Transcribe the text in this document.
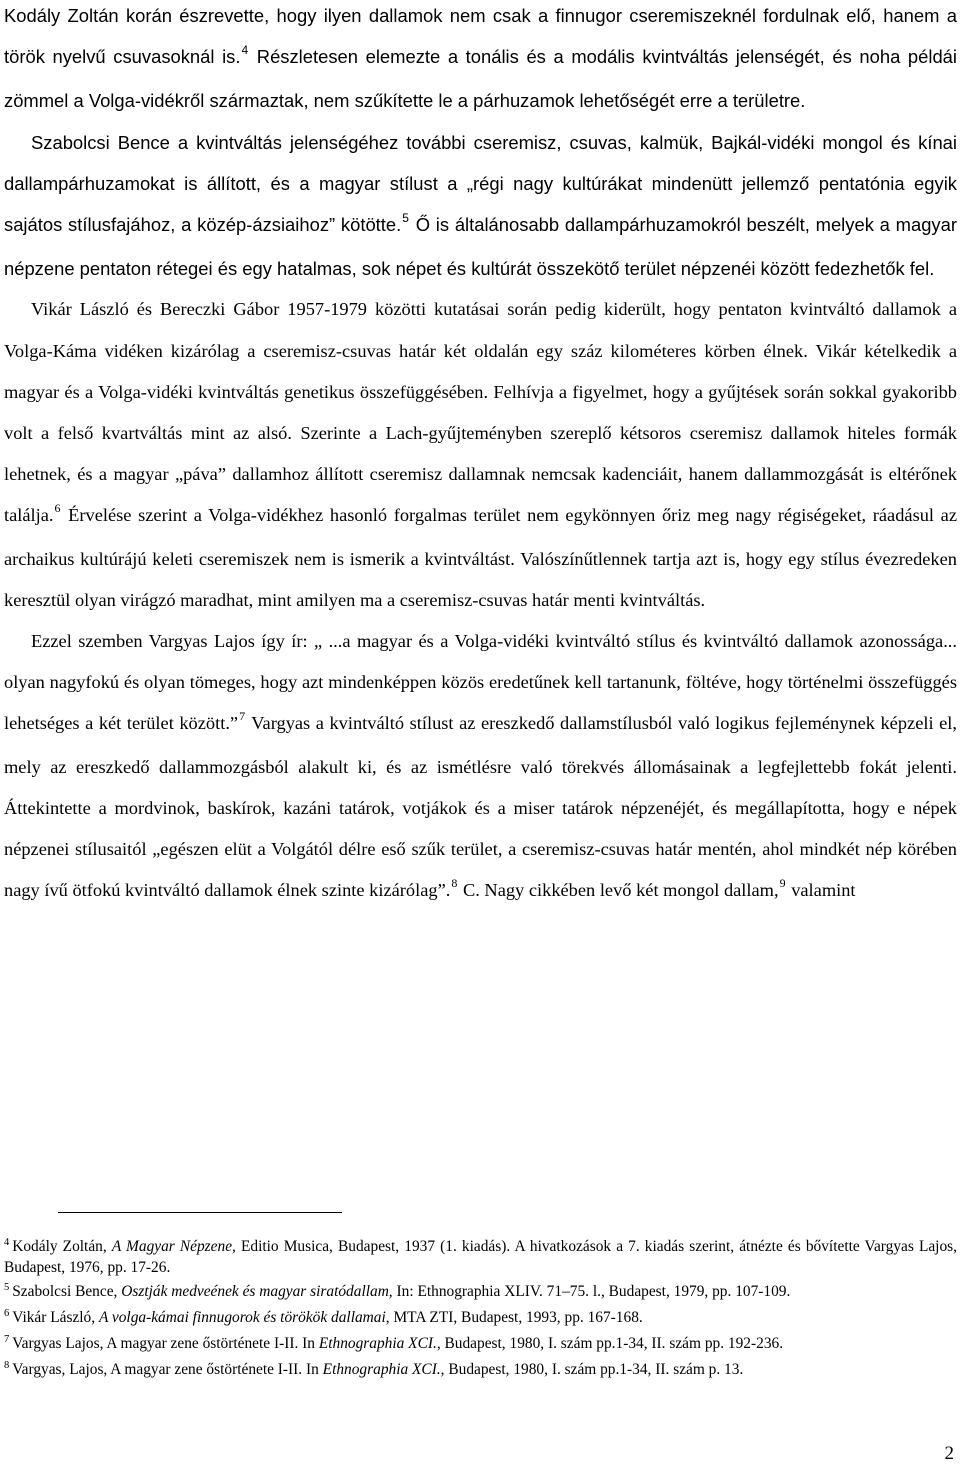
Kodály Zoltán korán észrevette, hogy ilyen dallamok nem csak a finnugor cseremiszeknél fordulnak elő, hanem a török nyelvű csuvasoknál is.$^4$ Részletesen elemezte a tonális és a modális kvintváltás jelenségét, és noha példái zömmel a Volga-vidékről származtak, nem szűkítette le a párhuzamok lehetőségét erre a területre.

Szabolcsi Bence a kvintváltás jelenségéhez további cseremisz, csuvas, kalmük, Bajkál-vidéki mongol és kínai dallampárhuzamokat is állított, és a magyar stílust a „régi nagy kultúrákat mindenütt jellemző pentatónia egyik sajátos stílusfajához, a közép-ázsiaihoz” kötötte.$^5$ Ő is általánosabb dallampárhuzamokról beszélt, melyek a magyar népzene pentaton rétegei és egy hatalmas, sok népet és kultúrát összekötő terület népzenéi között fedezhetők fel.

Vikár László és Bereczki Gábor 1957-1979 közötti kutatásai során pedig kiderült, hogy pentaton kvintváltó dallamok a Volga-Káma vidéken kizárólag a cseremisz-csuvas határ két oldalán egy száz kilométeres körben élnek. Vikár kételkedik a magyar és a Volga-vidéki kvintváltás genetikus összefüggésében. Felhívja a figyelmet, hogy a gyűjtések során sokkal gyakoribb volt a felső kvartváltás mint az alsó. Szerinte a Lach-gyűjteményben szereplő kétsoros cseremisz dallamok hiteles formák lehetnek, és a magyar „páva” dallamhoz állított cseremisz dallamnak nemcsak kadenciáit, hanem dallammozgását is eltérőnek találja.$^6$ Érvelése szerint a Volga-vidékhez hasonló forgalmas terület nem egykönnyen őriz meg nagy régiségeket, ráadásul az archaikus kultúrájú keleti cseremiszek nem is ismerik a kvintváltást. Valószínűtlennek tartja azt is, hogy egy stílus évezredeken keresztül olyan virágzó maradhat, mint amilyen ma a cseremisz-csuvas határ menti kvintváltás.

Ezzel szemben Vargyas Lajos így ír: „ ...a magyar és a Volga-vidéki kvintváltó stílus és kvintváltó dallamok azonossága... olyan nagyfokú és olyan tömeges, hogy azt mindenképpen közös eredetűnek kell tartanunk, föltéve, hogy történelmi összefüggés lehetséges a két terület között.”$^7$ Vargyas a kvintváltó stílust az ereszkedő dallamstílusból való logikus fejleménynek képzeli el, mely az ereszkedő dallammozgásból alakult ki, és az ismétlésre való törekvés állomásainak a legfejlettebb fokát jelenti. Áttekintette a mordvinok, baskírok, kazáni tatárok, votjákok és a miser tatárok népzenéjét, és megállapította, hogy e népek népzenei stílusaitól „egészen elüt a Volgától délre eső szűk terület, a cseremisz-csuvas határ mentén, ahol mindkét nép körében nagy ívű ötfokú kvintváltó dallamok élnek szinte kizárólag”.$^8$ C. Nagy cikkében levő két mongol dallam,$^9$ valamint

$^4$ Kodály Zoltán, A Magyar Népzene, Editio Musica, Budapest, 1937 (1. kiadás). A hivatkozások a 7. kiadás szerint, átnézte és bővítette Vargyas Lajos, Budapest, 1976, pp. 17-26.

$^5$ Szabolcsi Bence, Osztják medveének és magyar siratódallam, In: Ethnographia XLIV. 71–75. l., Budapest, 1979, pp. 107-109.

$^6$ Vikár László, A volga-kámai finnugorok és törökök dallamai, MTA ZTI, Budapest, 1993, pp. 167-168.

$^7$ Vargyas Lajos, A magyar zene őstörténete I-II. In Ethnographia XCI., Budapest, 1980, I. szám pp.1-34, II. szám pp. 192-236.

$^8$ Vargyas, Lajos, A magyar zene őstörténete I-II. In Ethnographia XCI., Budapest, 1980, I. szám pp.1-34, II. szám p. 13.

2
